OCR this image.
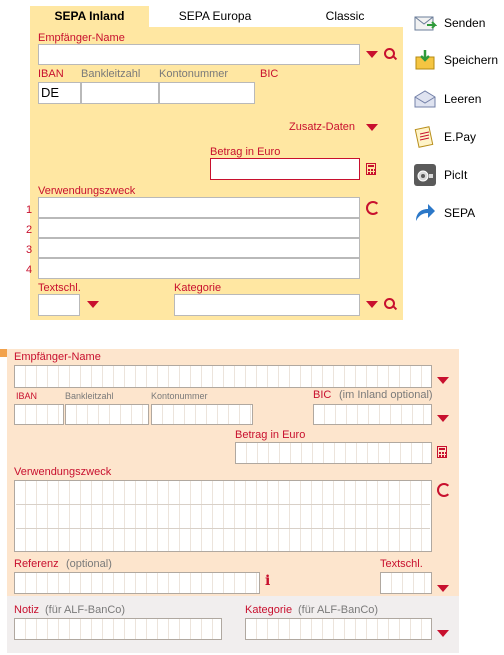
SEPA Inland	SEPA Europa	Classic
Empfänger-Name
IBAN Bankleitzahl Kontonummer	BIC
DE
Zusatz-Daten
Betrag in Euro
Verwendungszweck
1
2
3
4
Textschl.	Kategorie
Senden
Speichern
Leeren
E.Pay
PicIt
SEPA
Empfänger-Name
IBAN	Bankleitzahl	Kontonummer	BIC (im Inland optional)
Betrag in Euro
Verwendungszweck
Referenz (optional)	Textschl.
i
Notiz (für ALF-BanCo)	Kategorie (für ALF-BanCo)
